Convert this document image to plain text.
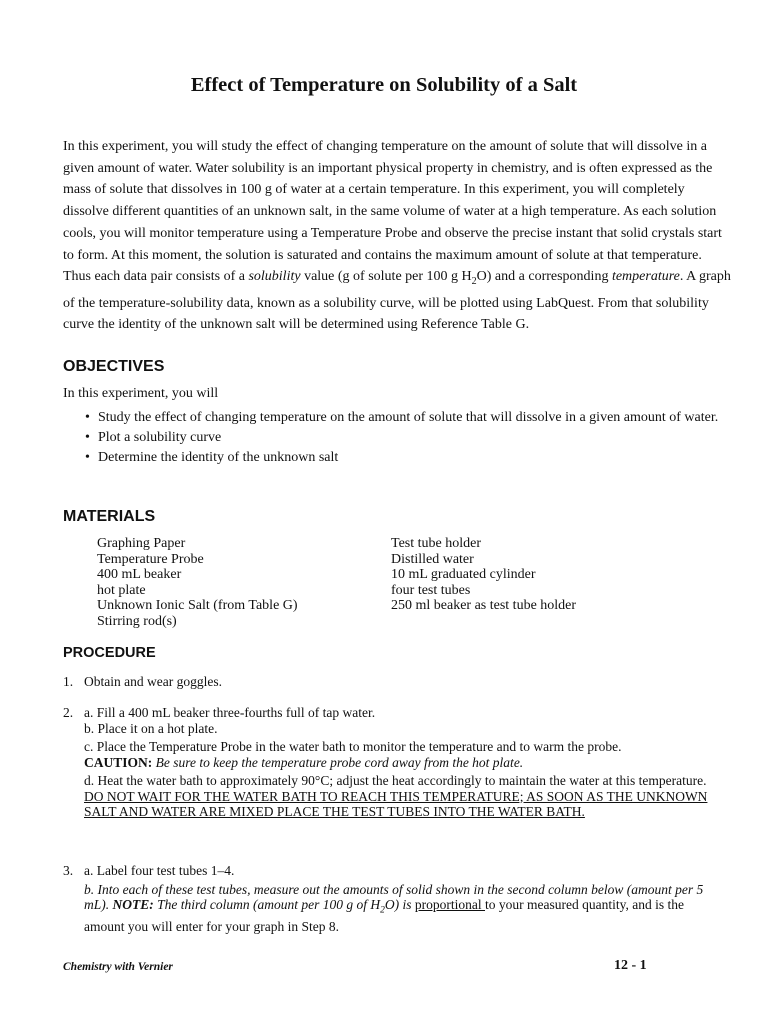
Effect of Temperature on Solubility of a Salt

In this experiment, you will study the effect of changing temperature on the amount of solute that will dissolve in a given amount of water. Water solubility is an important physical property in chemistry, and is often expressed as the mass of solute that dissolves in 100 g of water at a certain temperature. In this experiment, you will completely dissolve different quantities of an unknown salt, in the same volume of water at a high temperature. As each solution cools, you will monitor temperature using a Temperature Probe and observe the precise instant that solid crystals start to form. At this moment, the solution is saturated and contains the maximum amount of solute at that temperature. Thus each data pair consists of a solubility value (g of solute per 100 g $H_2O$) and a corresponding temperature. A graph of the temperature-solubility data, known as a solubility curve, will be plotted using LabQuest. From that solubility curve the identity of the unknown salt will be determined using Reference Table G.

OBJECTIVES

In this experiment, you will

• Study the effect of changing temperature on the amount of solute that will dissolve in a given amount of water.
• Plot a solubility curve
• Determine the identity of the unknown salt
MATERIALS
Graphing Paper
Temperature Probe
400 mL beaker
hot plate
Unknown Ionic Salt (from Table G)
Stirring rod(s)
Test tube holder
Distilled water
10 mL graduated cylinder
four test tubes
250 ml beaker as test tube holder
PROCEDURE
1. Obtain and wear goggles.
2. a. Fill a 400 mL beaker three-fourths full of tap water.
b. Place it on a hot plate.
c. Place the Temperature Probe in the water bath to monitor the temperature and to warm the probe.
CAUTION: Be sure to keep the temperature probe cord away from the hot plate.
d. Heat the water bath to approximately 90°C; adjust the heat accordingly to maintain the water at this temperature. DO NOT WAIT FOR THE WATER BATH TO REACH THIS TEMPERATURE; AS SOON AS THE UNKNOWN SALT AND WATER ARE MIXED PLACE THE TEST TUBES INTO THE WATER BATH.
3. a. Label four test tubes 1–4.
b. Into each of these test tubes, measure out the amounts of solid shown in the second column below (amount per 5 mL). NOTE: The third column (amount per 100 g of $H_2O$) is proportional to your measured quantity, and is the amount you will enter for your graph in Step 8.
Chemistry with Vernier	12 - 1
